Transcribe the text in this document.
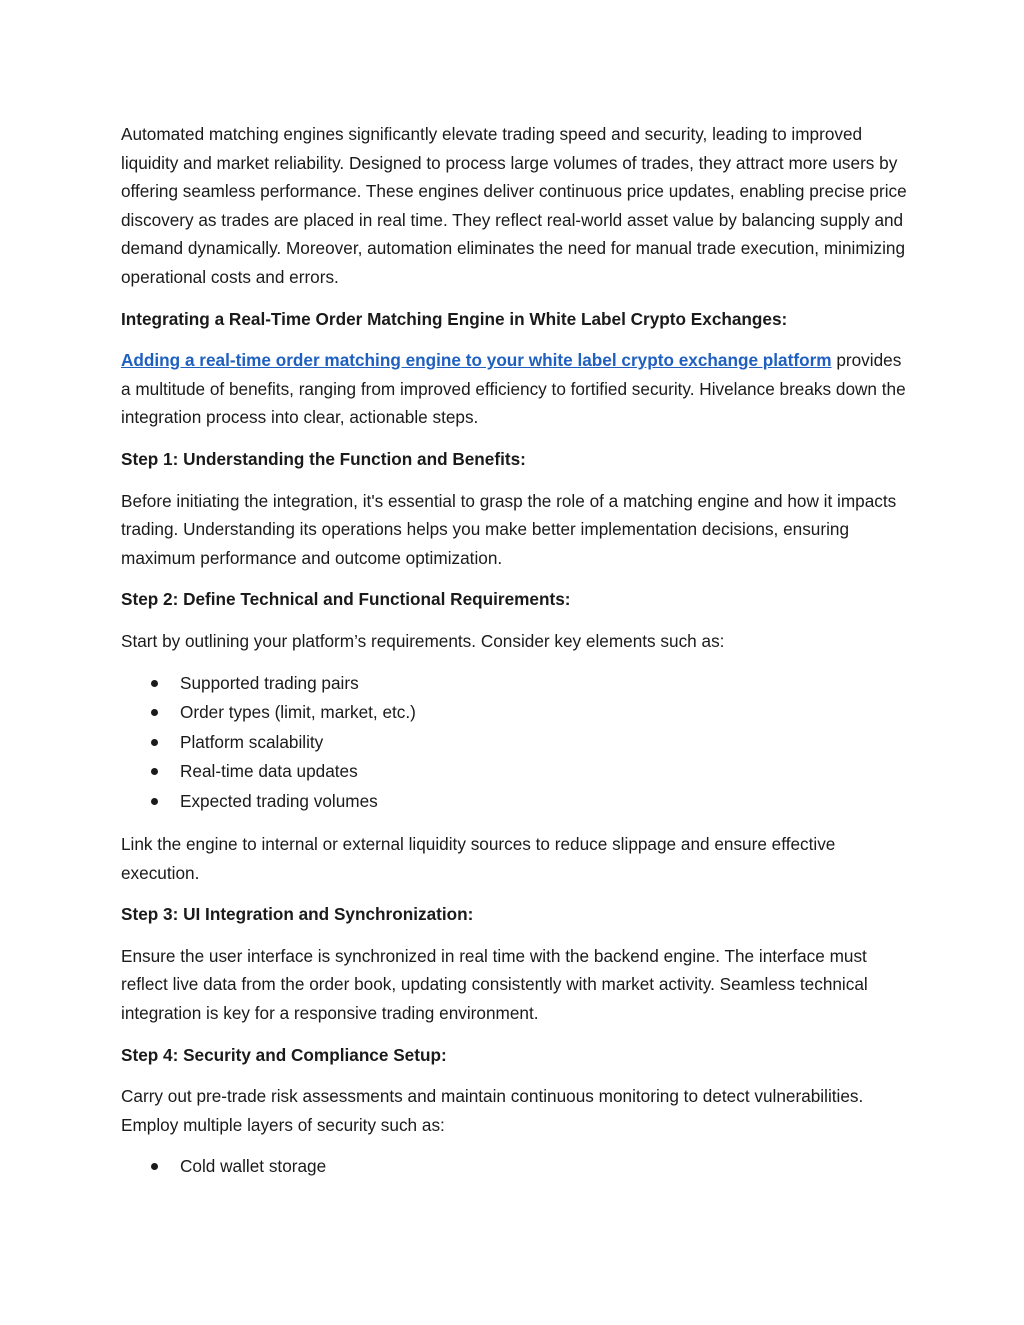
Automated matching engines significantly elevate trading speed and security, leading to improved liquidity and market reliability. Designed to process large volumes of trades, they attract more users by offering seamless performance. These engines deliver continuous price updates, enabling precise price discovery as trades are placed in real time. They reflect real-world asset value by balancing supply and demand dynamically. Moreover, automation eliminates the need for manual trade execution, minimizing operational costs and errors.

Integrating a Real-Time Order Matching Engine in White Label Crypto Exchanges:

Adding a real-time order matching engine to your white label crypto exchange platform provides a multitude of benefits, ranging from improved efficiency to fortified security. Hivelance breaks down the integration process into clear, actionable steps.

Step 1: Understanding the Function and Benefits:

Before initiating the integration, it's essential to grasp the role of a matching engine and how it impacts trading. Understanding its operations helps you make better implementation decisions, ensuring maximum performance and outcome optimization.

Step 2: Define Technical and Functional Requirements:

Start by outlining your platform’s requirements. Consider key elements such as:

Supported trading pairs
Order types (limit, market, etc.)
Platform scalability
Real-time data updates
Expected trading volumes

Link the engine to internal or external liquidity sources to reduce slippage and ensure effective execution.

Step 3: UI Integration and Synchronization:

Ensure the user interface is synchronized in real time with the backend engine. The interface must reflect live data from the order book, updating consistently with market activity. Seamless technical integration is key for a responsive trading environment.

Step 4: Security and Compliance Setup:

Carry out pre-trade risk assessments and maintain continuous monitoring to detect vulnerabilities. Employ multiple layers of security such as:

Cold wallet storage
